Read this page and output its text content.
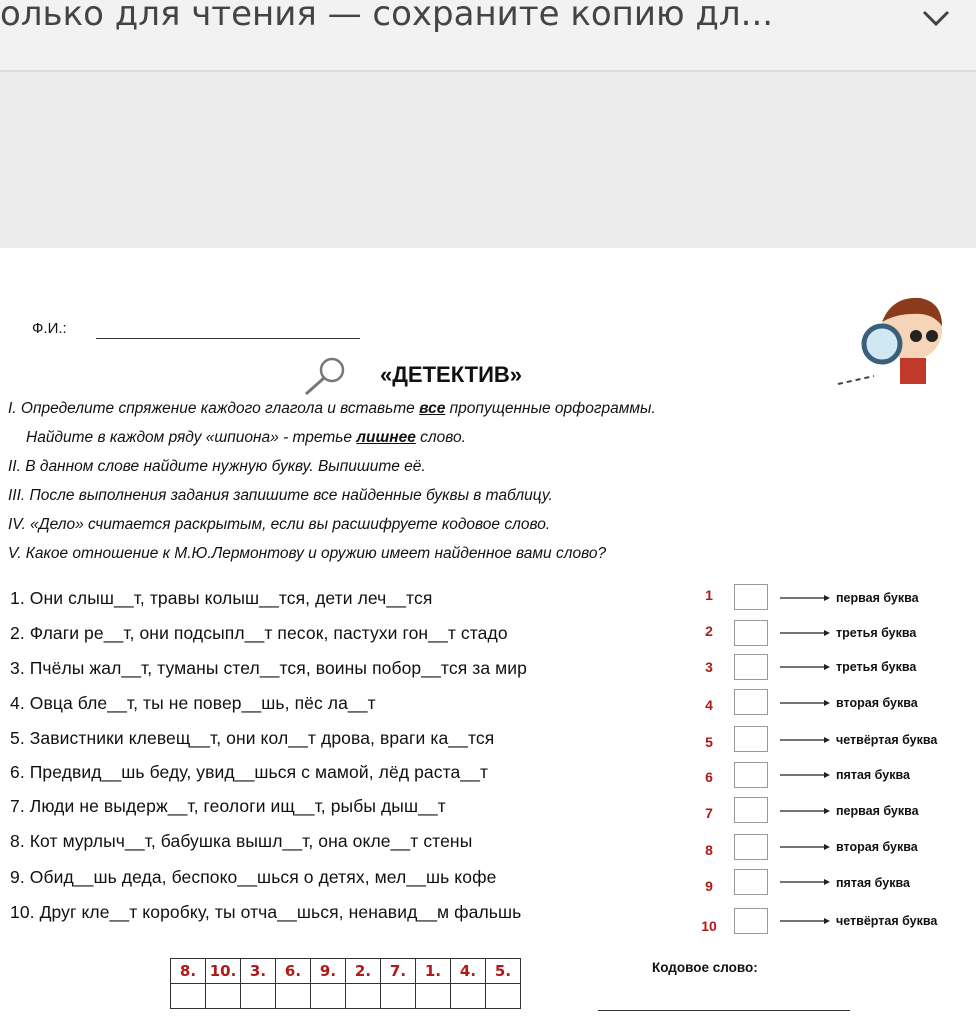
олько для чтения — сохраните копию дл...
Ф.И.:
«ДЕТЕКТИВ»
I. Определите спряжение каждого глагола и вставьте все пропущенные орфограммы.
Найдите в каждом ряду «шпиона» - третье лишнее слово.
II. В данном слове найдите нужную букву. Выпишите её.
III. После выполнения задания запишите все найденные буквы в таблицу.
IV. «Дело» считается раскрытым, если вы расшифруете кодовое слово.
V. Какое отношение к М.Ю.Лермонтову и оружию имеет найденное вами слово?
1. Они слыш__т, травы колыш__тся, дети леч__тся
2. Флаги ре__т, они подсыпл__т песок, пастухи гон__т стадо
3. Пчёлы жал__т, туманы стел__тся, воины побор__тся за мир
4. Овца бле__т, ты не повер__шь, пёс ла__т
5. Завистники клевещ__т, они кол__т дрова, враги ка__тся
6. Предвид__шь беду, увид__шься с мамой, лёд раста__т
7. Люди не выдерж__т, геологи ищ__т, рыбы дыш__т
8. Кот мурлыч__т, бабушка вышл__т, она окле__т стены
9. Обид__шь деда, беспоко__шься о детях, мел__шь кофе
10. Друг кле__т коробку, ты отча__шься, ненавид__м фальшь
1	первая буква
2	третья буква
3	третья буква
4	вторая буква
5	четвёртая буква
6	пятая буква
7	первая буква
8	вторая буква
9	пятая буква
10	четвёртая буква
8.	10.	3.	6.	9.	2.	7.	1.	4.	5.
										Кодовое слово:
